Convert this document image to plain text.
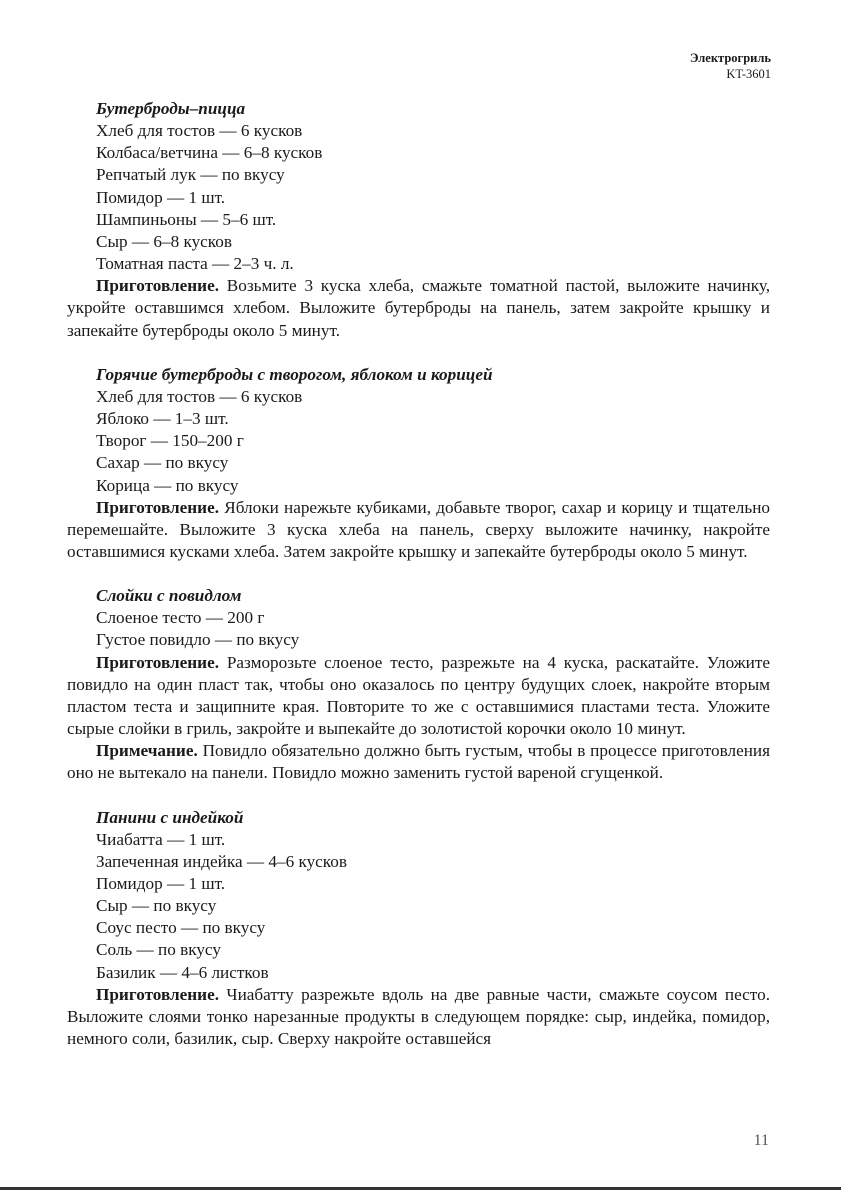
Электрогриль
KT-3601
Бутерброды–пицца
Хлеб для тостов — 6 кусков
Колбаса/ветчина — 6–8 кусков
Репчатый лук — по вкусу
Помидор — 1 шт.
Шампиньоны — 5–6 шт.
Сыр — 6–8 кусков
Томатная паста — 2–3 ч. л.
Приготовление. Возьмите 3 куска хлеба, смажьте томатной пастой, выложите начинку, укройте оставшимся хлебом. Выложите бутерброды на панель, затем закройте крышку и запекайте бутерброды около 5 минут.
Горячие бутерброды с творогом, яблоком и корицей
Хлеб для тостов — 6 кусков
Яблоко — 1–3 шт.
Творог — 150–200 г
Сахар — по вкусу
Корица — по вкусу
Приготовление. Яблоки нарежьте кубиками, добавьте творог, сахар и корицу и тщательно перемешайте. Выложите 3 куска хлеба на панель, сверху выложите начинку, накройте оставшимися кусками хлеба. Затем закройте крышку и запекайте бутерброды около 5 минут.
Слойки с повидлом
Слоеное тесто — 200 г
Густое повидло — по вкусу
Приготовление. Разморозьте слоеное тесто, разрежьте на 4 куска, раскатайте. Уложите повидло на один пласт так, чтобы оно оказалось по центру будущих слоек, накройте вторым пластом теста и защипните края. Повторите то же с оставшимися пластами теста. Уложите сырые слойки в гриль, закройте и выпекайте до золотистой корочки около 10 минут.
Примечание. Повидло обязательно должно быть густым, чтобы в процессе приготовления оно не вытекало на панели. Повидло можно заменить густой вареной сгущенкой.
Панини с индейкой
Чиабатта — 1 шт.
Запеченная индейка — 4–6 кусков
Помидор — 1 шт.
Сыр — по вкусу
Соус песто — по вкусу
Соль — по вкусу
Базилик — 4–6 листков
Приготовление. Чиабатту разрежьте вдоль на две равные части, смажьте соусом песто. Выложите слоями тонко нарезанные продукты в следующем порядке: сыр, индейка, помидор, немного соли, базилик, сыр. Сверху накройте оставшейся
11
